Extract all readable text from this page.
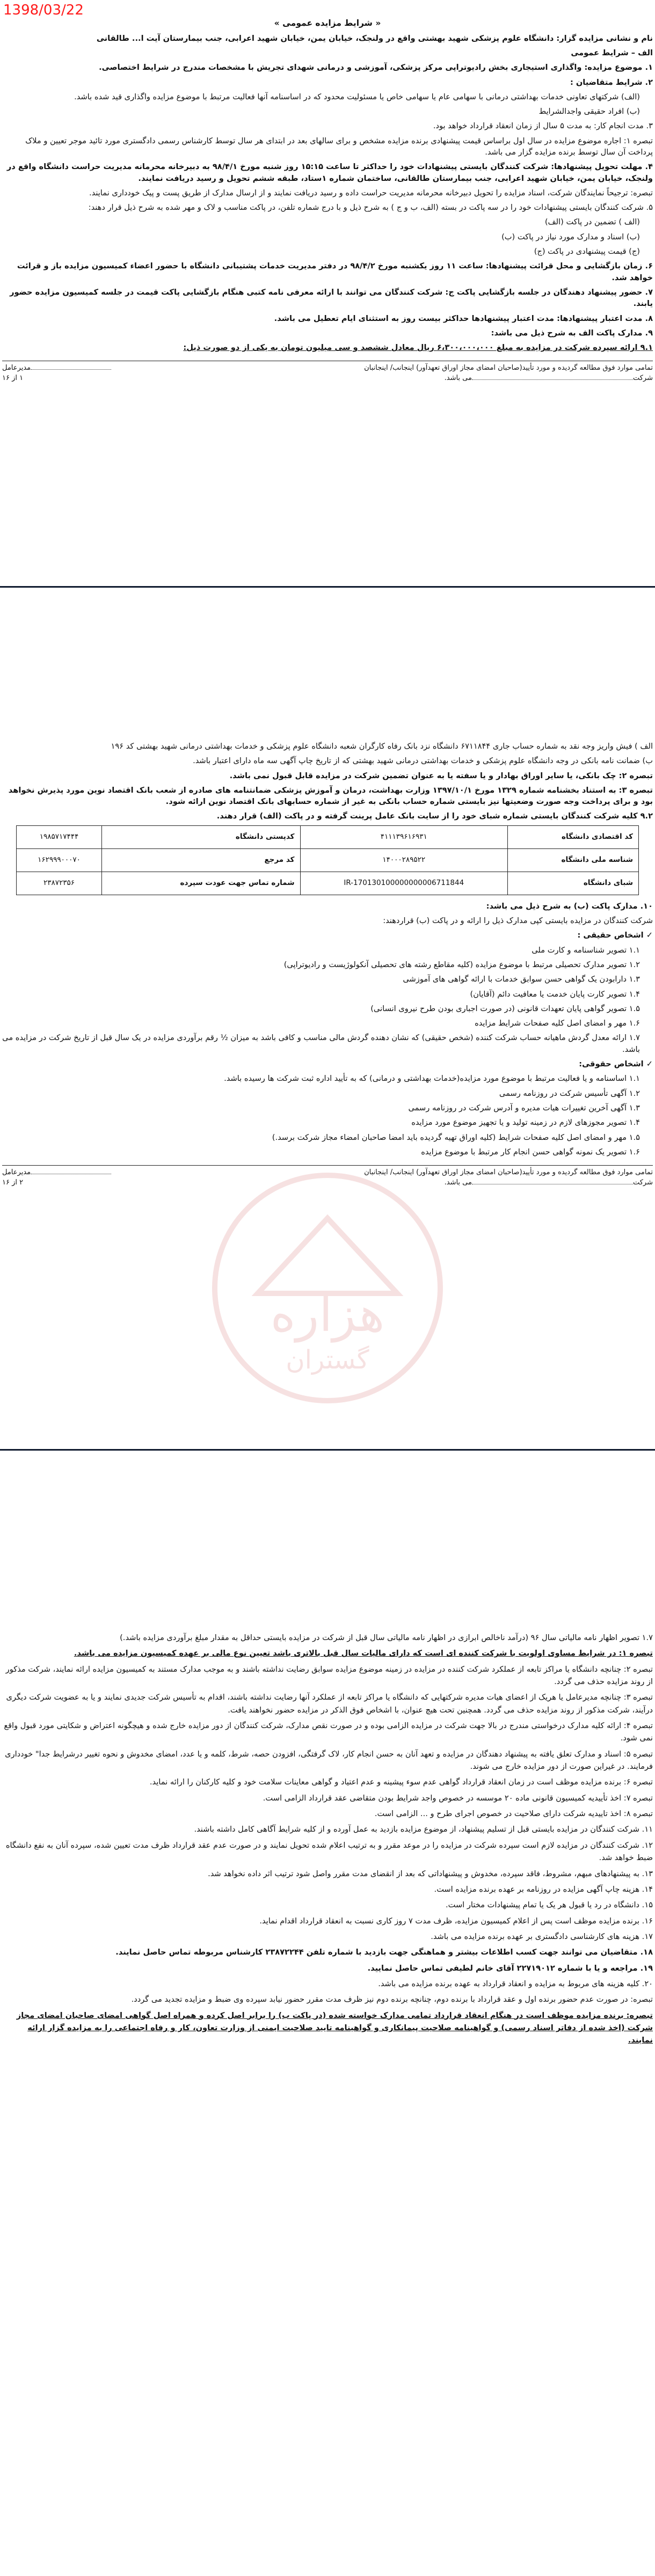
1398/03/22

« شرایط مزایده عمومی »

نام و نشانی مزایده گزار: دانشگاه علوم پزشکی شهید بهشتی واقع در ولنجک، خیابان یمن، خیابان شهید اعرابی، جنب بیمارستان آیت ا... طالقانی

الف – شرایط عمومی

۱. موضوع مزایده: واگذاری استیجاری بخش رادیوتراپی مرکز پزشکی، آموزشی و درمانی شهدای تجریش با مشخصات مندرج در شرایط اختصاصی.

۲. شرایط متقاضیان :

(الف) شرکتهای تعاونی خدمات بهداشتی درمانی با سهامی عام یا سهامی خاص یا مسئولیت محدود که در اساسنامه آنها فعالیت مرتبط با موضوع مزایده واگذاری قید شده باشد.

(ب) افراد حقیقی واجدالشرایط

۳. مدت انجام کار: به مدت ۵ سال از زمان انعقاد قرارداد خواهد بود.

تبصره ۱: اجاره موضوع مزایده در سال اول براساس قیمت پیشنهادی برنده مزایده مشخص و برای سالهای بعد در ابتدای هر سال توسط کارشناس رسمی دادگستری مورد تائید موجر تعیین و ملاک پرداخت آن سال توسط برنده مزایده گزار می باشد.

۴. مهلت تحویل پیشنهادها: شرکت کنندگان بایستی پیشنهادات خود را حداکثر تا ساعت ۱۵:۱۵ روز شنبه مورخ ۹۸/۴/۱ به دبیرخانه محرمانه مدیریت حراست دانشگاه واقع در ولنجک، خیابان یمن، خیابان شهید اعرابی، جنب بیمارستان طالقانی، ساختمان شماره ۱ستاد، طبقه ششم تحویل و رسید دریافت نمایند.

تبصره: ترجیحاً نمایندگان شرکت، اسناد مزایده را تحویل دبیرخانه محرمانه مدیریت حراست داده و رسید دریافت نمایند و از ارسال مدارک از طریق پست و پیک خودداری نمایند.

۵. شرکت کنندگان بایستی پیشنهادات خود را در سه پاکت در بسته (الف، ب و ج ) به شرح ذیل و با درج شماره تلفن، در پاکت مناسب و لاک و مهر شده به شرح ذیل قرار دهند:

(الف ) تضمین در پاکت (الف)

(ب) اسناد و مدارک مورد نیاز در پاکت (ب)

(ج) قیمت پیشنهادی در پاکت (ج)

۶. زمان بازگشایی و محل قرائت پیشنهادها: ساعت ۱۱ روز یکشنبه مورخ ۹۸/۴/۲ در دفتر مدیریت خدمات پشتیبانی دانشگاه با حضور اعضاء کمیسیون مزایده باز و قرائت خواهد شد.

۷. حضور پیشنهاد دهندگان در جلسه بازگشایی پاکت ج: شرکت کنندگان می توانند با ارائه معرفی نامه کتبی هنگام بازگشایی پاکت قیمت در جلسه کمیسیون مزایده حضور یابند.

۸. مدت اعتبار پیشنهادها: مدت اعتبار پیشنهادها حداکثر بیست روز به استثنای ایام تعطیل می باشد.

۹. مدارک پاکت الف به شرح ذیل می باشد:

۹.۱ ارائه سپرده شرکت در مزایده به مبلغ ۶،۳۰۰،۰۰۰،۰۰۰ ریال معادل ششصد و سی میلیون تومان به یکی از دو صورت ذیل:

تمامی موارد فوق مطالعه گردیده و مورد تأیید(صاحبان امضای مجاز اوراق تعهدآور) اینجانب/ اینجانبان
مدیرعامل
شرکتمی باشد.
۱ از ۱۶
هزاره
گستران

الف ) فیش واریز وجه نقد به شماره حساب جاری ۶۷۱۱۸۴۴ دانشگاه نزد بانک رفاه کارگران شعبه دانشگاه علوم پزشکی و خدمات بهداشتی درمانی شهید بهشتی کد ۱۹۶

ب) ضمانت نامه بانکی در وجه دانشگاه علوم پزشکی و خدمات بهداشتی درمانی شهید بهشتی که از تاریخ چاپ آگهی سه ماه دارای اعتبار باشد.

تبصره ۲: چک بانکی، یا سایر اوراق بهادار و یا سفته یا به عنوان تضمین شرکت در مزایده قابل قبول نمی باشد.

تبصره ۳: به استناد بخشنامه شماره ۱۳۲۹ مورخ ۱۳۹۷/۱۰/۱ وزارت بهداشت، درمان و آموزش پزشکی ضمانتنامه های صادره از شعب بانک اقتصاد نوین مورد پذیرش نخواهد بود و برای پرداخت وجه صورت وضعیتها نیز بایستی شماره حساب بانکی به غیر از شماره حسابهای بانک اقتصاد نوین ارائه شود.

۹.۲ کلیه شرکت کنندگان بایستی شماره شبای خود را از سایت بانک عامل پرینت گرفته و در پاکت (الف) قرار دهند.

کد اقتصادی دانشگاه	۴۱۱۱۳۹۶۱۶۹۳۱	کدپستی دانشگاه	۱۹۸۵۷۱۷۴۴۴
شناسه ملی دانشگاه	۱۴۰۰۰۲۸۹۵۲۲	کد مرجع	۱۶۲۹۹۹۰۰۰۷۰
شبای دانشگاه	IR-170130100000000006711844	شماره تماس جهت عودت سپرده	۲۳۸۷۲۳۵۶

۱۰. مدارک پاکت (ب) به شرح ذیل می باشد:

شرکت کنندگان در مزایده بایستی کپی مدارک ذیل را ارائه و در پاکت (ب) قراردهند:

✓ اشخاص حقیقی :

۱.۱ تصویر شناسنامه و کارت ملی

۱.۲ تصویر مدارک تحصیلی مرتبط با موضوع مزایده (کلیه مقاطع رشته های تحصیلی آنکولوژیست و رادیوتراپی)

۱.۳ دارابودن یک گواهی حسن سوابق خدمات با ارائه گواهی های آموزشی

۱.۴ تصویر کارت پایان خدمت یا معافیت دائم (آقایان)

۱.۵ تصویر گواهی پایان تعهدات قانونی (در صورت اجباری بودن طرح نیروی انسانی)

۱.۶ مهر و امضای اصل کلیه صفحات شرایط مزایده

۱.۷ ارائه معدل گردش ماهیانه حساب شرکت کننده (شخص حقیقی) که نشان دهنده گردش مالی مناسب و کافی باشد به میزان ½ رقم برآوردی مزایده در یک سال قبل از تاریخ شرکت در مزایده می باشد.

✓ اشخاص حقوقی:

۱.۱ اساسنامه و یا فعالیت مرتبط با موضوع مورد مزایده(خدمات بهداشتی و درمانی) که به تأیید اداره ثبت شرکت ها رسیده باشد.

۱.۲ آگهی تأسیس شرکت در روزنامه رسمی

۱.۳ آگهی آخرین تغییرات هیات مدیره و آدرس شرکت در روزنامه رسمی

۱.۴ تصویر مجوزهای لازم در زمینه تولید و یا تجهیز موضوع مورد مزایده

۱.۵ مهر و امضای اصل کلیه صفحات شرایط (کلیه اوراق تهیه گردیده باید امضا صاحبان امضاء مجاز شرکت برسد.)

۱.۶ تصویر یک نمونه گواهی حسن انجام کار مرتبط با موضوع مزایده

تمامی موارد فوق مطالعه گردیده و مورد تأیید(صاحبان امضای مجاز اوراق تعهدآور) اینجانب/ اینجانبان
مدیرعامل
شرکتمی باشد.
۲ از ۱۶

۱.۷ تصویر اظهار نامه مالیاتی سال ۹۶ (درآمد ناخالص ابرازی در اظهار نامه مالیاتی سال قبل از شرکت در مزایده بایستی حداقل به مقدار مبلغ برآوردی مزایده باشد.)

تبصره ۱: در شرایط مساوی اولویت با شرکت کننده ای است که دارای مالیات سال قبل بالاتری باشد تعیین نوع مالی بر عهده کمیسیون مزایده می باشد.

تبصره ۲: چنانچه دانشگاه یا مراکز تابعه از عملکرد شرکت کننده در مزایده در زمینه موضوع مزایده سوابق رضایت نداشته باشند و به موجب مدارک مستند به کمیسیون مزایده ارائه نمایند، شرکت مذکور از روند مزایده حذف می گردد.

تبصره ۳: چنانچه مدیرعامل یا هریک از اعضای هیات مدیره شرکتهایی که دانشگاه یا مراکز تابعه از عملکرد آنها رضایت نداشته باشند، اقدام به تأسیس شرکت جدیدی نمایند و یا به عضویت شرکت دیگری درآیند، شرکت مذکور از روند مزایده حذف می گردد. همچنین تحت هیچ عنوان، با اشخاص فوق الذکر در مزایده حضور نخواهند یافت.

تبصره ۴: ارائه کلیه مدارک درخواستی مندرج در بالا جهت شرکت در مزایده الزامی بوده و در صورت نقص مدارک، شرکت کنندگان از دور مزایده خارج شده و هیچگونه اعتراض و شکایتی مورد قبول واقع نمی شود.

تبصره ۵: اسناد و مدارک تعلق یافته به پیشنهاد دهندگان در مزایده و تعهد آنان به حسن انجام کار، لاک گرفتگی، افزودن حصه، شرط، کلمه و یا عدد، امضای مخدوش و نحوه تغییر درشرایط جدا" خودداری فرمایند. در غیراین صورت از دور مزایده خارج می شوند.

تبصره ۶: برنده مزایده موظف است در زمان انعقاد قرارداد گواهی عدم سوء پیشینه و عدم اعتیاد و گواهی معاینات سلامت خود و کلیه کارکنان را ارائه نماید.

تبصره ۷: اخذ تأییدیه کمیسیون قانونی ماده ۲۰ موسسه در خصوص واجد شرایط بودن متقاضی عقد قرارداد الزامی است.

تبصره ۸: اخذ تاییدیه شرکت دارای صلاحیت در خصوص اجرای طرح و ... الزامی است.

۱۱. شرکت کنندگان در مزایده بایستی قبل از تسلیم پیشنهاد، از موضوع مزایده بازدید به عمل آورده و از کلیه شرایط آگاهی کامل داشته باشند.

۱۲. شرکت کنندگان در مزایده لازم است سپرده شرکت در مزایده را در موعد مقرر و به ترتیب اعلام شده تحویل نمایند و در صورت عدم عقد قرارداد ظرف مدت تعیین شده، سپرده آنان به نفع دانشگاه ضبط خواهد شد.

۱۳. به پیشنهادهای مبهم، مشروط، فاقد سپرده، مخدوش و پیشنهاداتی که بعد از انقضای مدت مقرر واصل شود ترتیب اثر داده نخواهد شد.

۱۴. هزینه چاپ آگهی مزایده در روزنامه بر عهده برنده مزایده است.

۱۵. دانشگاه در رد یا قبول هر یک یا تمام پیشنهادات مختار است.

۱۶. برنده مزایده موظف است پس از اعلام کمیسیون مزایده، ظرف مدت ۷ روز کاری نسبت به انعقاد قرارداد اقدام نماید.

۱۷. هزینه های کارشناسی دادگستری بر عهده برنده مزایده می باشد.

۱۸. متقاضیان می توانند جهت کسب اطلاعات بیشتر و هماهنگی جهت بازدید با شماره تلفن ۲۳۸۷۲۲۴۴ کارشناس مربوطه تماس حاصل نمایند.

۱۹. مراجعه و یا با شماره ۲۲۷۱۹۰۱۲ آقای خانم لطیفی تماس حاصل نمایید.

۲۰. کلیه هزینه های مربوط به مزایده و انعقاد قرارداد به عهده برنده مزایده می باشد.

تبصره: در صورت عدم حضور برنده اول و عقد قرارداد با برنده دوم، چنانچه برنده دوم نیز ظرف مدت مقرر حضور نیابد سپرده وی ضبط و مزایده تجدید می گردد.

تبصره: برنده مزایده موظف است در هنگام انعقاد قرارداد تمامی مدارک خواسته شده (در پاکت ب) را برابر اصل کرده و همراه اصل گواهی امضای صاحبان امضای مجاز شرکت (اخذ شده از دفاتر اسناد رسمی) و گواهینامه صلاحیت پیمانکاری و گواهینامه تایید صلاحیت ایمنی از وزارت تعاون، کار و رفاه اجتماعی را به مزایده گزار ارائه نمایند.
